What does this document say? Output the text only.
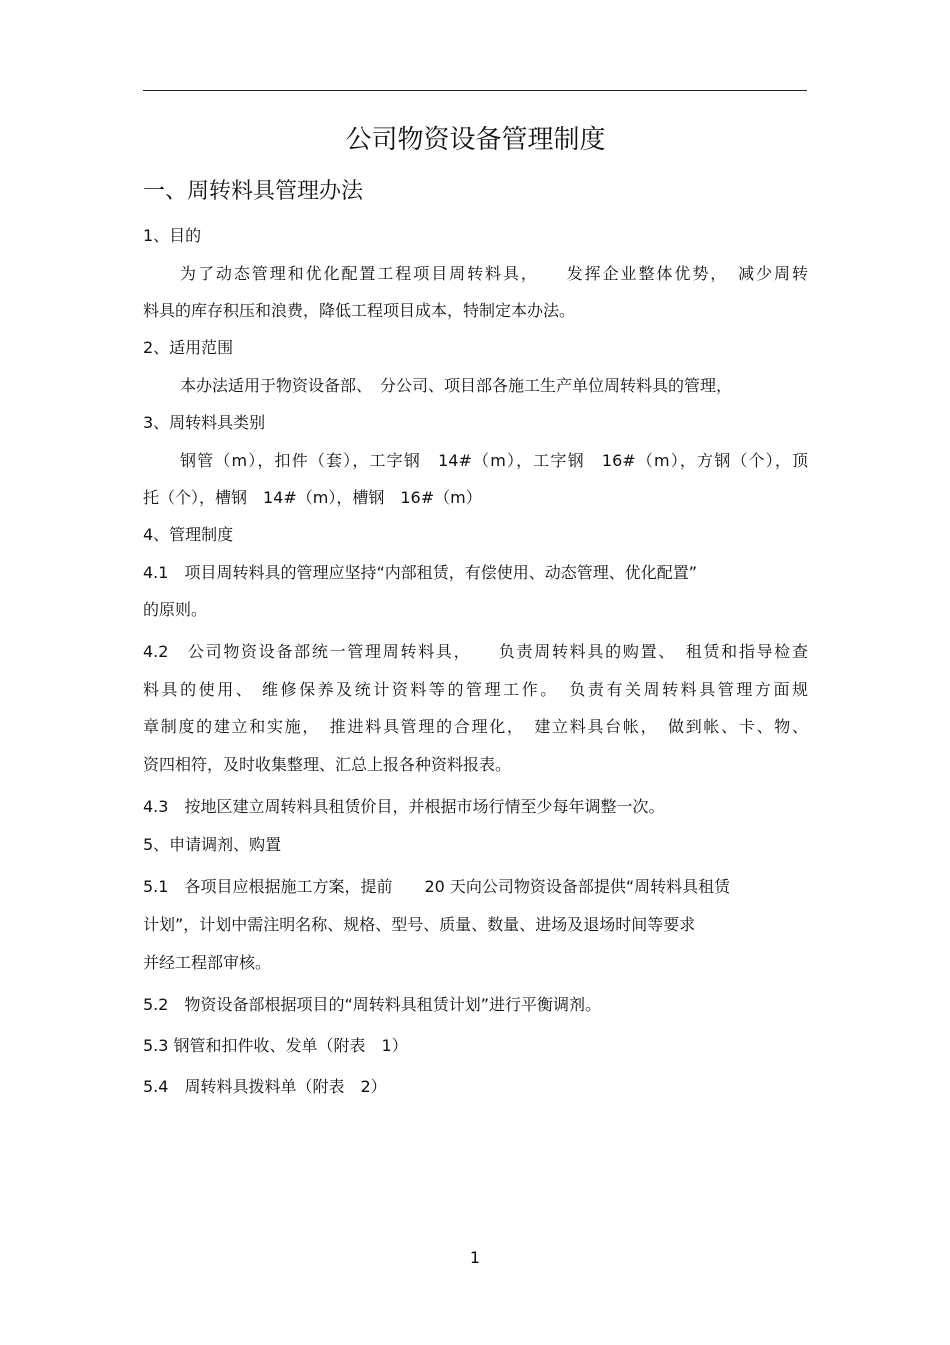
公司物资设备管理制度
一、周转料具管理办法
1、目的
为了动态管理和优化配置工程项目周转料具，　　发挥企业整体优势，　减少周转
料具的库存积压和浪费，降低工程项目成本，特制定本办法。
2、适用范围
本办法适用于物资设备部、　分公司、项目部各施工生产单位周转料具的管理，
3、周转料具类别
钢管（m），扣件（套），工字钢　14#（m），工字钢　16#（m），方钢（个），顶
托（个），槽钢　14#（m），槽钢　16#（m）
4、管理制度
4.1　项目周转料具的管理应坚持“内部租赁，有偿使用、动态管理、优化配置”
的原则。
4.2　公司物资设备部统一管理周转料具，　　负责周转料具的购置、　租赁和指导检查
料具的使用、 维修保养及统计资料等的管理工作。　负责有关周转料具管理方面规
章制度的建立和实施，　推进料具管理的合理化，　建立料具台帐，　做到帐、卡、物、
资四相符，及时收集整理、汇总上报各种资料报表。
4.3　按地区建立周转料具租赁价目，并根据市场行情至少每年调整一次。
5、申请调剂、购置
5.1　各项目应根据施工方案，提前　　20 天向公司物资设备部提供“周转料具租赁
计划”，计划中需注明名称、规格、型号、质量、数量、进场及退场时间等要求
并经工程部审核。
5.2　物资设备部根据项目的“周转料具租赁计划”进行平衡调剂。
5.3 钢管和扣件收、发单（附表　1）
5.4　周转料具拨料单（附表　2）
1
